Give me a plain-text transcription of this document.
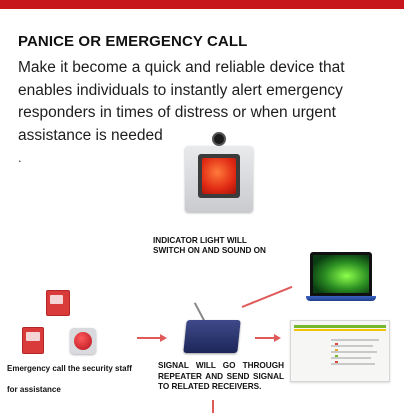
PANICE OR EMERGENCY CALL
Make it become a quick and reliable device that enables individuals to instantly alert emergency responders in times of distress or when urgent assistance is needed
.
INDICATOR LIGHT WILL
SWITCH ON AND SOUND ON
Emergency call the security staff
for assistance
SIGNAL WILL GO THROUGH REPEATER AND SEND SIGNAL TO RELATED RECEIVERS.
